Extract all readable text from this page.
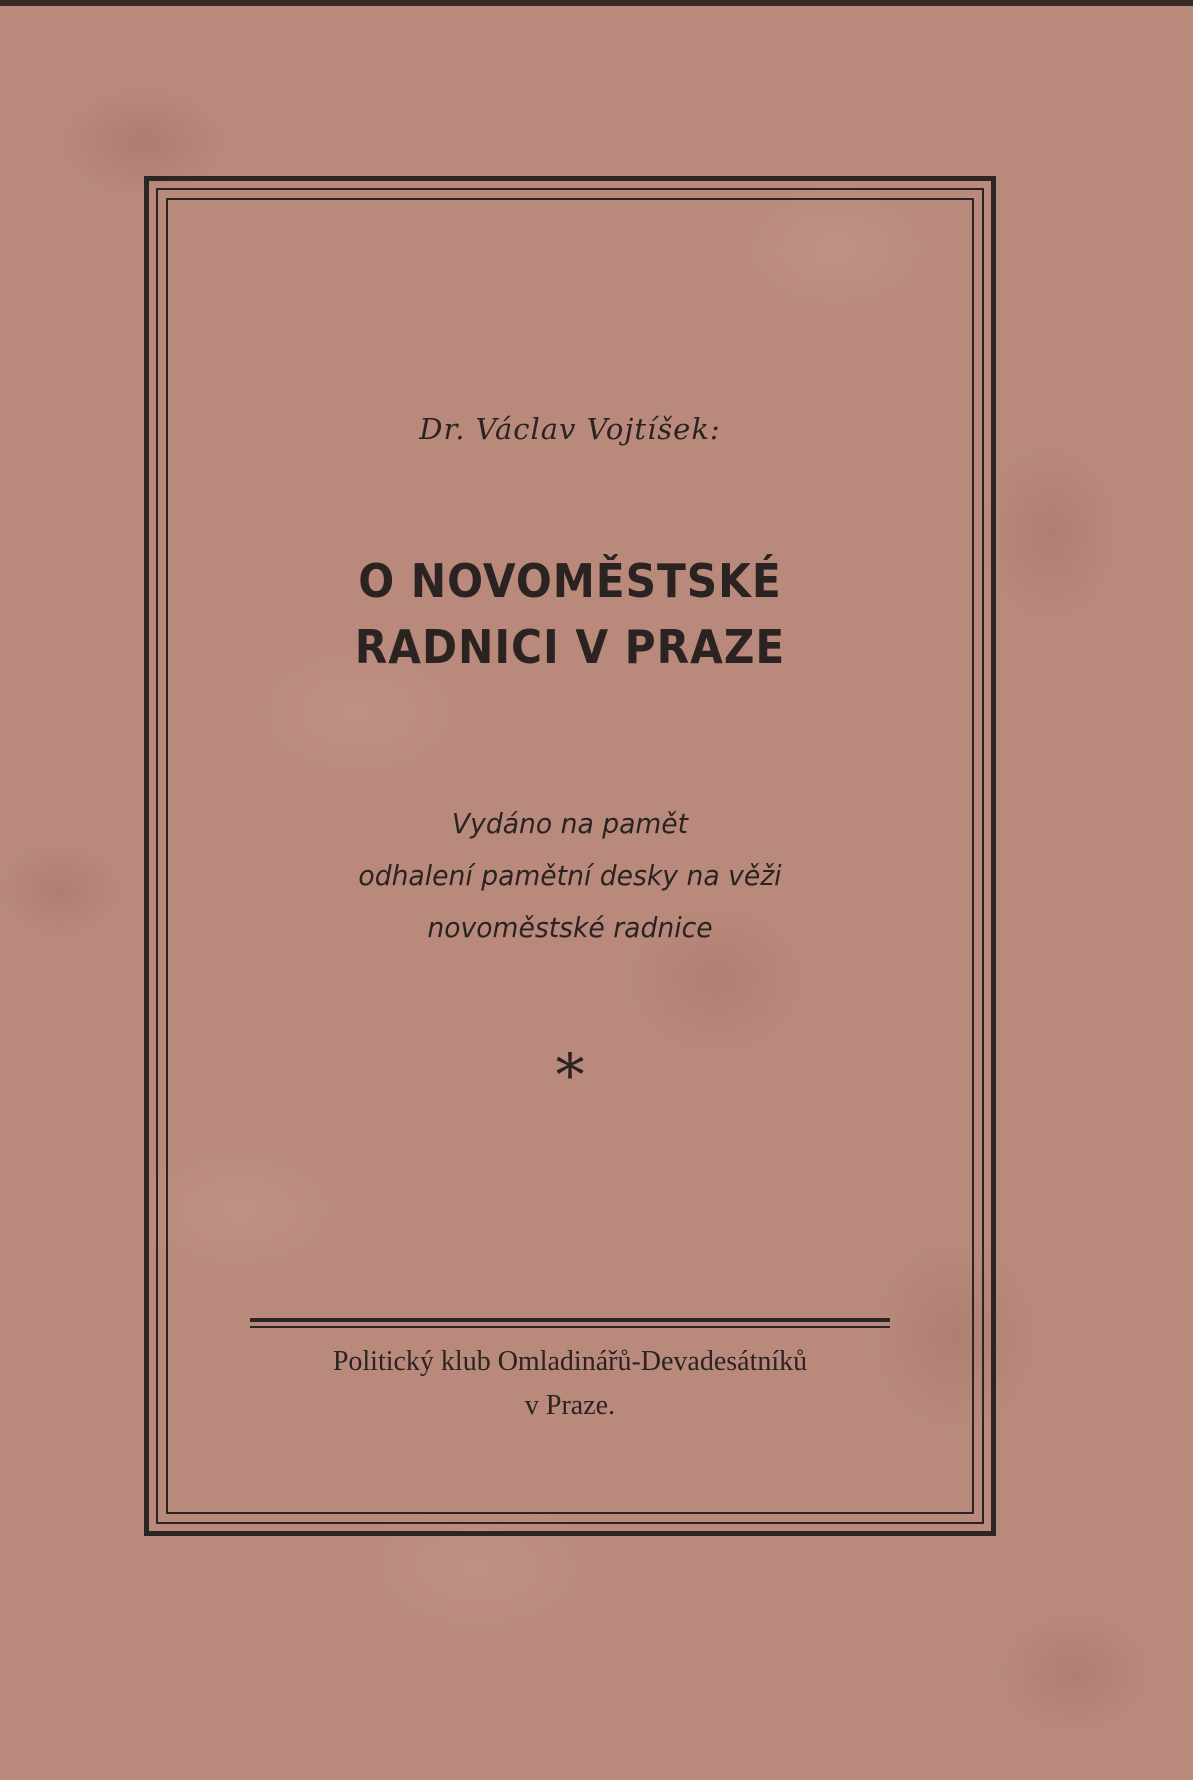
Dr. Václav Vojtíšek:
O NOVOMĚSTSKÉ
RADNICI V PRAZE
Vydáno na pamět
odhalení pamětní desky na věži
novoměstské radnice
*
Politický klub Omladinářů-Devadesátníků
v Praze.
